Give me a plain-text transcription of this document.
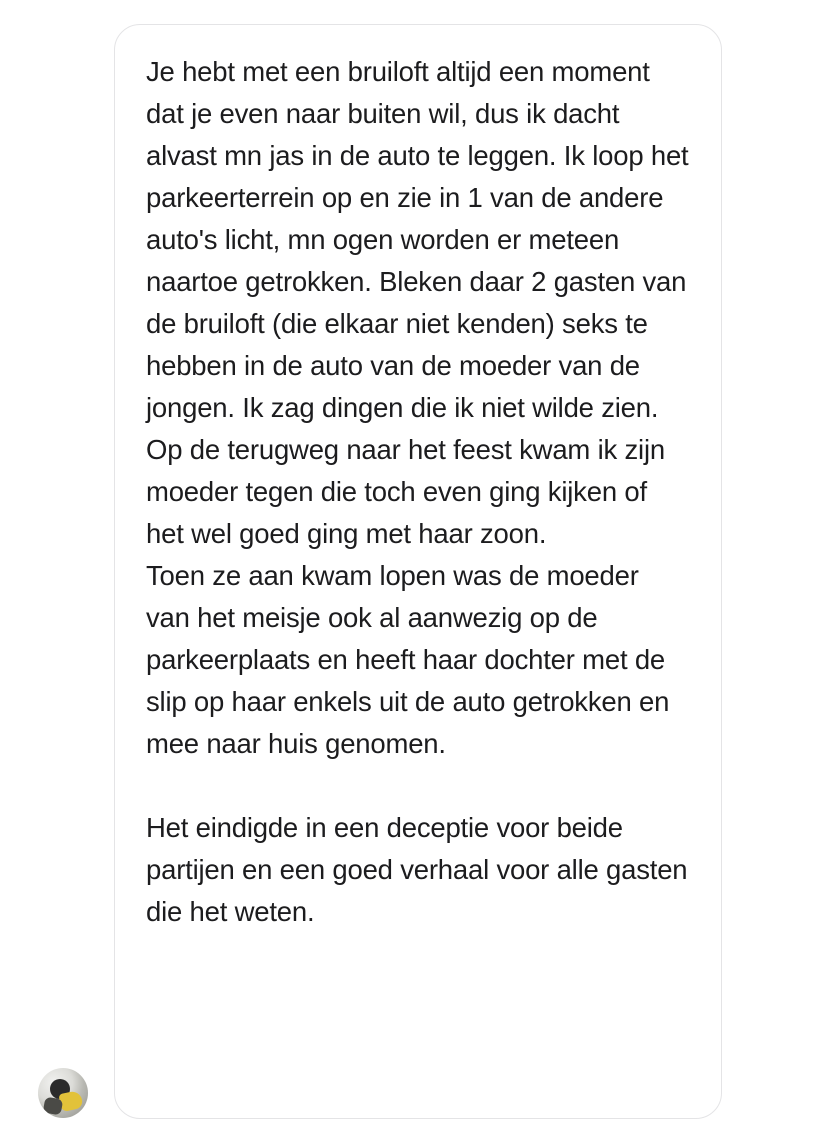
Je hebt met een bruiloft altijd een moment dat je even naar buiten wil, dus ik dacht alvast mn jas in de auto te leggen. Ik loop het parkeerterrein op en zie in 1 van de andere auto's licht, mn ogen worden er meteen naartoe getrokken. Bleken daar 2 gasten van de bruiloft (die elkaar niet kenden) seks te hebben in de auto van de moeder van de jongen. Ik zag dingen die ik niet wilde zien.

Op de terugweg naar het feest kwam ik zijn moeder tegen die toch even ging kijken of het wel goed ging met haar zoon.

Toen ze aan kwam lopen was de moeder van het meisje ook al aanwezig op de parkeerplaats en heeft haar dochter met de slip op haar enkels uit de auto getrokken en mee naar huis genomen.

Het eindigde in een deceptie voor beide partijen en een goed verhaal voor alle gasten die het weten.
